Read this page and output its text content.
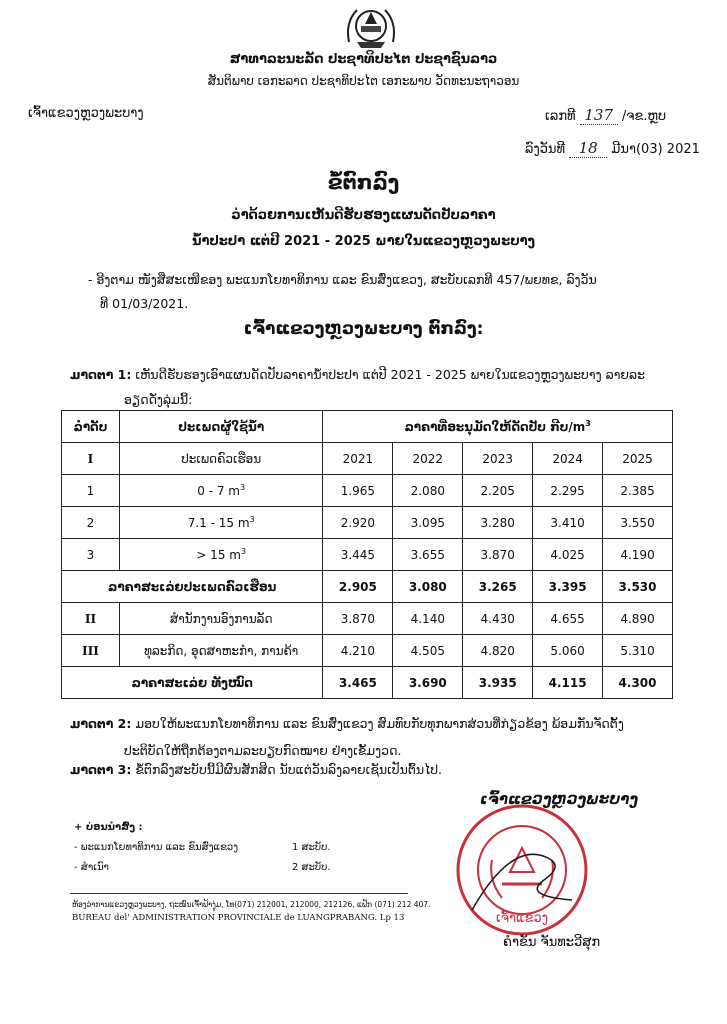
ສາທາລະນະລັດ ປະຊາທິປະໄຕ ປະຊາຊົນລາວ
ສັນຕິພາບ ເອກະລາດ ປະຊາທິປະໄຕ ເອກະພາບ ວັດທະນະຖາວອນ
ເຈົ້າແຂວງຫຼວງພະບາງ	ເລກທີ 137 /ຈຂ.ຫຼບ
ລົງວັນທີ 18 ມີນາ(03) 2021
ຂໍ້ຕົກລົງ
ວ່າດ້ວຍການເຫັນດີຮັບຮອງແຜນດັດປັບລາຄາ
ນໍ້າປະປາ ແຕ່ປີ 2021 - 2025 ພາຍໃນແຂວງຫຼວງພະບາງ
- ອີງຕາມ ໜັງສືສະເໜີຂອງ ພະແນກໂຍທາທິການ ແລະ ຂົນສົ່ງແຂວງ, ສະບັບເລກທີ 457/ພຍທຂ, ລົງວັນ
ທີ 01/03/2021.
ເຈົ້າແຂວງຫຼວງພະບາງ ຕົກລົງ:
ມາດຕາ 1: ເຫັນດີຮັບຮອງເອົາແຜນດັດປັບລາຄານໍ້າປະປາ ແຕ່ປີ 2021 - 2025 ພາຍໃນແຂວງຫຼວງພະບາງ ລາຍລະ
ອຽດດັ່ງລຸ່ມນີ້:
ລຳດັບ	ປະເພດຜູ້ໃຊ້ນໍ້າ	ລາຄາທີ່ອະນຸມັດໃຫ້ດັດປັບ ກີບ$/m^3$
I	ປະເພດຄົວເຮືອນ	2021	2022	2023	2024	2025
1	0 - 7 $m^3$	1.965	2.080	2.205	2.295	2.385
2	7.1 - 15 $m^3$	2.920	3.095	3.280	3.410	3.550
3	> 15 $m^3$	3.445	3.655	3.870	4.025	4.190
ລາຄາສະເລ່ຍປະເພດຄົວເຮືອນ		2.905	3.080	3.265	3.395	3.530
II	ສຳນັກງານອົງການລັດ	3.870	4.140	4.430	4.655	4.890
III	ທຸລະກິດ, ອຸດສາຫະກຳ, ການຄ້າ	4.210	4.505	4.820	5.060	5.310
ລາຄາສະເລ່ຍ ທັງໝົດ		3.465	3.690	3.935	4.115	4.300
ມາດຕາ 2: ມອບໃຫ້ພະແນກໂຍທາທິການ ແລະ ຂົນສົ່ງແຂວງ ສົມທົບກັບທຸກພາກສ່ວນທີ່ກ່ຽວຂ້ອງ ພ້ອມກັນຈັດຕັ້ງ
ປະຕິບັດໃຫ້ຖືກຕ້ອງຕາມລະບຽບກົດໝາຍ ຢ່າງເຂັ້ມງວດ.
ມາດຕາ 3: ຂໍ້ຕົກລົງສະບັບນີ້ມີຜົນສັກສິດ ນັບແຕ່ວັນລົງລາຍເຊັນເປັນຕົ້ນໄປ.
ເຈົ້າແຂວງ
ເຈົ້າແຂວງຫຼວງພະບາງ
ຄຳຂັນ ຈັນທະວີສຸກ
+ ບ່ອນນຳສົ່ງ :
- ພະແນກໂຍທາທິການ ແລະ ຂົນສົ່ງແຂວງ	1 ສະບັບ.
- ສຳເນົາ	2 ສະບັບ.
ຫ້ອງວ່າການແຂວງຫຼວງພະບາງ, ຖະໜົນເຈົ້າຟ້າງຸ່ມ, ໂທ(071) 212001, 212000, 212126, ແຟັກ (071) 212 407.
BUREAU del' ADMINISTRATION PROVINCIALE de LUANGPRABANG. Lp 13
